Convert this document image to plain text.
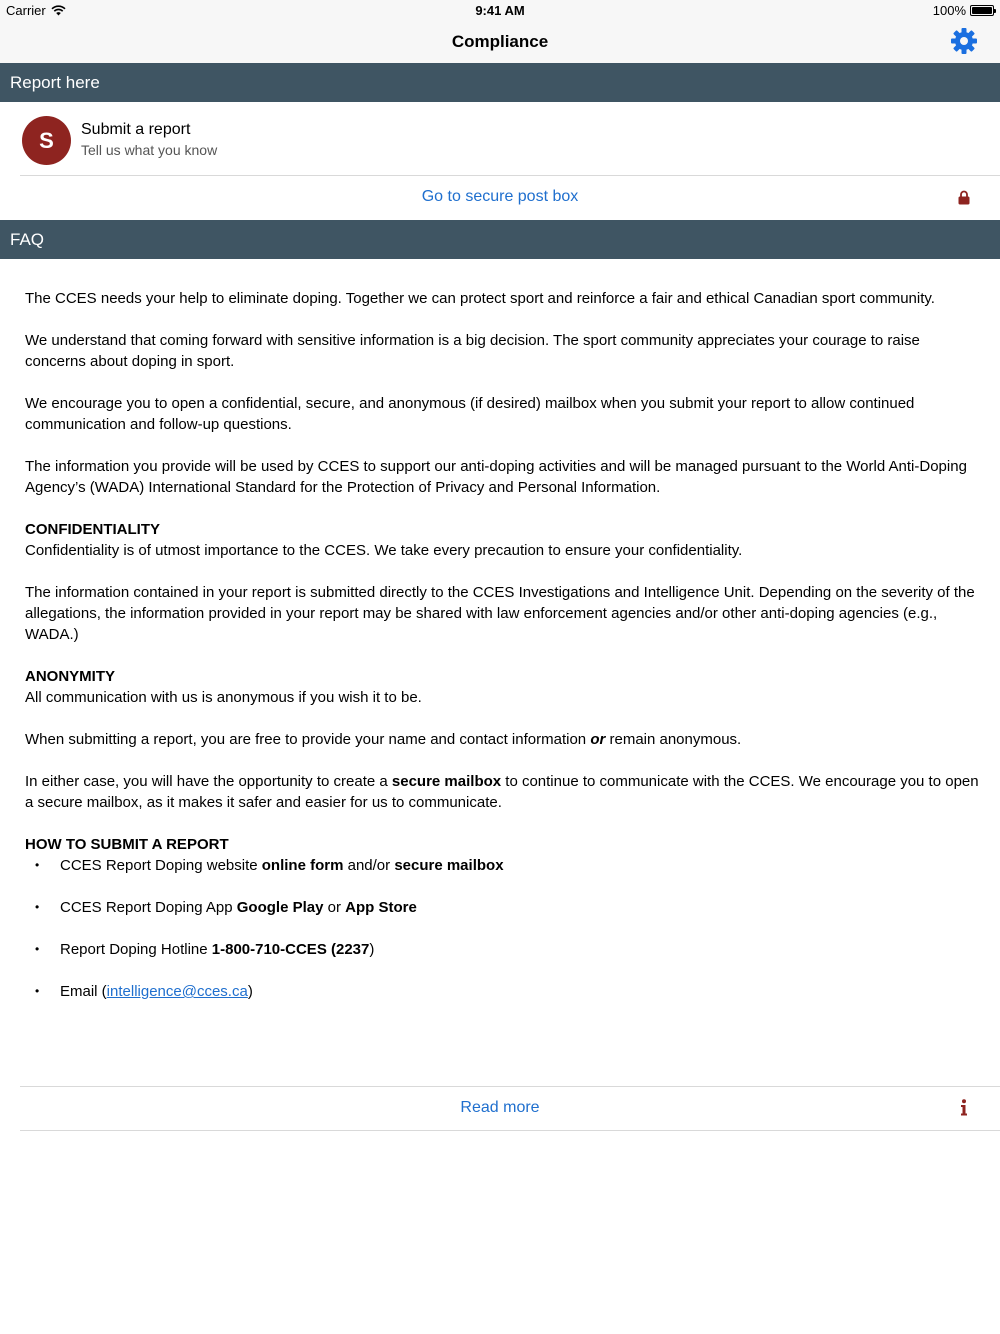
Carrier	9:41 AM	100%
Compliance
Report here
S	Submit a report
Tell us what you know
Go to secure post box
FAQ

The CCES needs your help to eliminate doping. Together we can protect sport and reinforce a fair and ethical Canadian sport community.

We understand that coming forward with sensitive information is a big decision. The sport community appreciates your courage to raise concerns about doping in sport.

We encourage you to open a confidential, secure, and anonymous (if desired) mailbox when you submit your report to allow continued communication and follow-up questions.

The information you provide will be used by CCES to support our anti-doping activities and will be managed pursuant to the World Anti-Doping Agency’s (WADA) International Standard for the Protection of Privacy and Personal Information.

CONFIDENTIALITY
Confidentiality is of utmost importance to the CCES. We take every precaution to ensure your confidentiality.

The information contained in your report is submitted directly to the CCES Investigations and Intelligence Unit. Depending on the severity of the allegations, the information provided in your report may be shared with law enforcement agencies and/or other anti-doping agencies (e.g., WADA.)

ANONYMITY
All communication with us is anonymous if you wish it to be.

When submitting a report, you are free to provide your name and contact information or remain anonymous.

In either case, you will have the opportunity to create a secure mailbox to continue to communicate with the CCES. We encourage you to open a secure mailbox, as it makes it safer and easier for us to communicate.

HOW TO SUBMIT A REPORT
• CCES Report Doping website online form and/or secure mailbox
• CCES Report Doping App Google Play or App Store
• Report Doping Hotline 1-800-710-CCES (2237)
• Email (intelligence@cces.ca)
Read more
